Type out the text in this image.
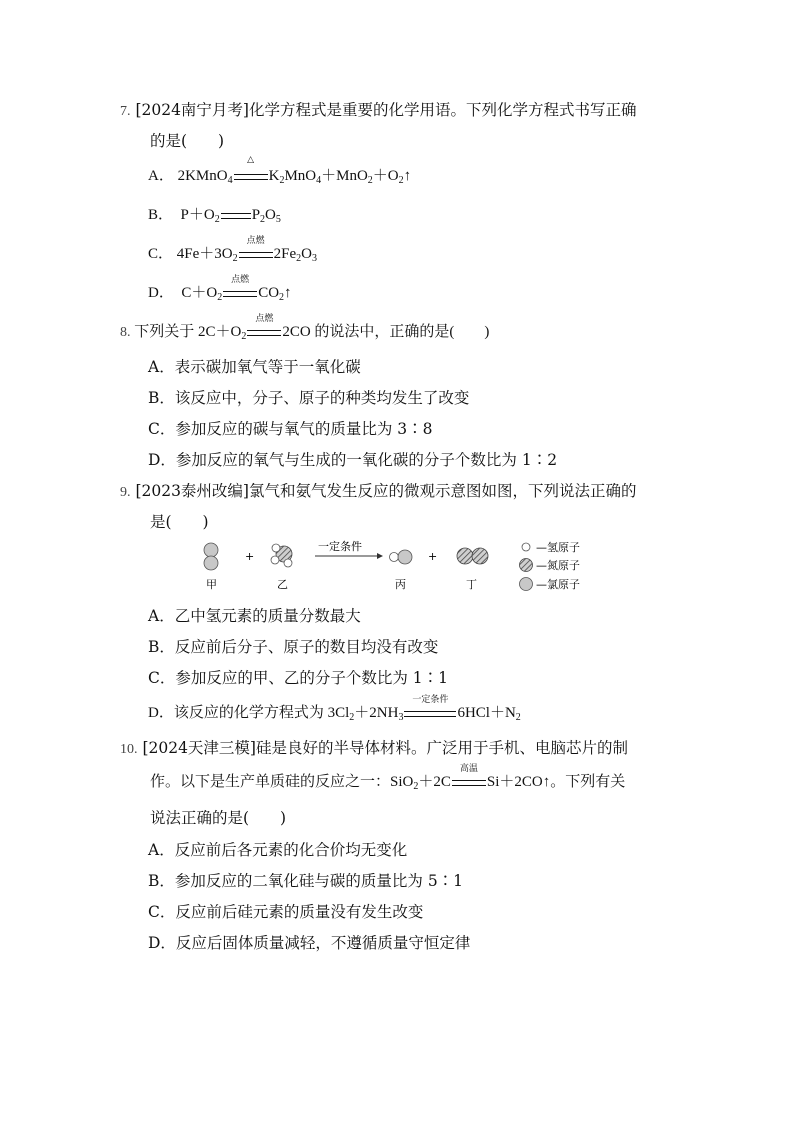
7. [2024南宁月考]化学方程式是重要的化学用语。下列化学方程式书写正确
的是(　　)
A． 2KMnO$_4$
△
$K_2MnO_4+MnO_2+O_2↑$
B．  $P+O_2$ $P_2O_5$
C． $4Fe+3O_2$
点燃
$2Fe_2O_3$
D．  $C+O_2$
点燃
$CO_2↑$
8. 下列关于 $2C+O_2$
点燃
2CO 的说法中，正确的是(　　)
A．表示碳加氧气等于一氧化碳
B．该反应中，分子、原子的种类均发生了改变
C．参加反应的碳与氧气的质量比为 3∶8
D．参加反应的氧气与生成的一氧化碳的分子个数比为 1∶2
9. [2023泰州改编]氯气和氨气发生反应的微观示意图如图，下列说法正确的
是(　　)
+
一定条件
+
甲	乙	丙	丁
—氢原子
—氮原子
—氯原子
A．乙中氢元素的质量分数最大
B．反应前后分子、原子的数目均没有改变
C．参加反应的甲、乙的分子个数比为 1∶1
D．该反应的化学方程式为 $3Cl_2+2NH_3$
一定条件
$6HCl+N_2$
10. [2024天津三模]硅是良好的半导体材料。广泛用于手机、电脑芯片的制
作。以下是生产单质硅的反应之一：SiO$_2$＋2C
高温
Si＋2CO↑。下列有关
说法正确的是(　　)
A．反应前后各元素的化合价均无变化
B．参加反应的二氧化硅与碳的质量比为 5∶1
C．反应前后硅元素的质量没有发生改变
D．反应后固体质量减轻，不遵循质量守恒定律
